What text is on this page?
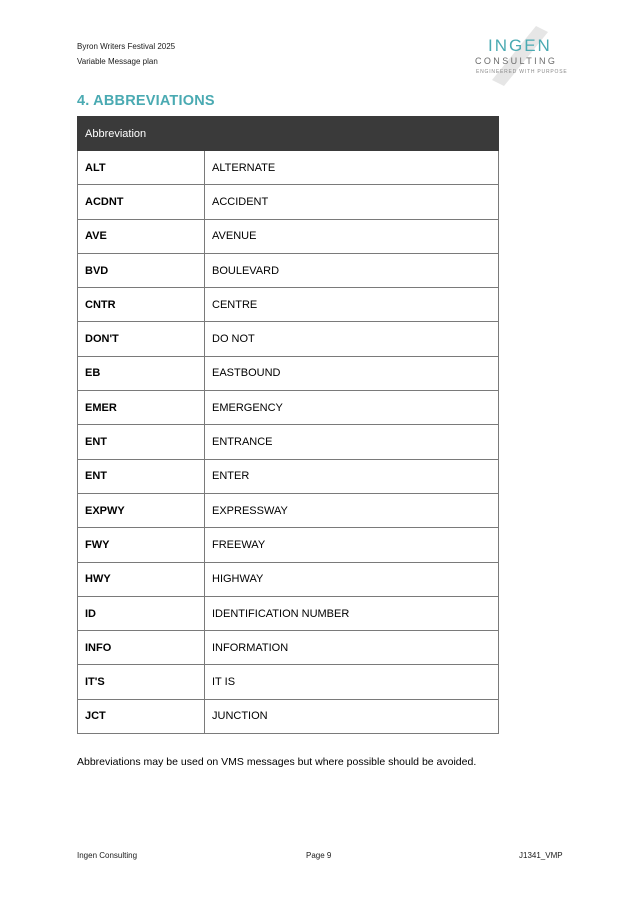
Byron Writers Festival 2025
Variable Message plan
INGEN
CONSULTING
ENGINEERED WITH PURPOSE
4. ABBREVIATIONS
Abbreviation	
ALT	ALTERNATE
ACDNT	ACCIDENT
AVE	AVENUE
BVD	BOULEVARD
CNTR	CENTRE
DON'T	DO NOT
EB	EASTBOUND
EMER	EMERGENCY
ENT	ENTRANCE
ENT	ENTER
EXPWY	EXPRESSWAY
FWY	FREEWAY
HWY	HIGHWAY
ID	IDENTIFICATION NUMBER
INFO	INFORMATION
IT'S	IT IS
JCT	JUNCTION
Abbreviations may be used on VMS messages but where possible should be avoided.
Ingen Consulting	Page 9	J1341_VMP
